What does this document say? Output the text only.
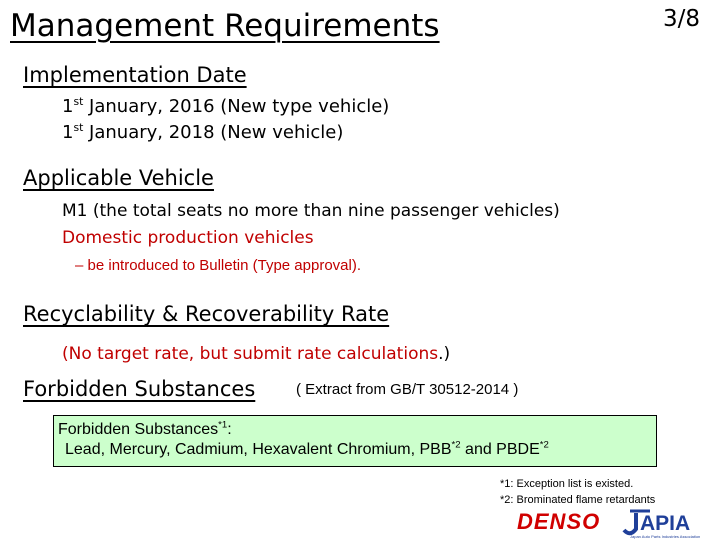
Management Requirements	3/8
Implementation Date
1st January, 2016 (New type vehicle)
1st January, 2018 (New vehicle)
Applicable Vehicle
M1 (the total seats no more than nine passenger vehicles)
Domestic production vehicles
– be introduced to Bulletin (Type approval).
Recyclability & Recoverability Rate
(No target rate, but submit rate calculations.)
Forbidden Substances	( Extract from GB/T 30512-2014 )
Forbidden Substances$^{*1}$:
Lead, Mercury, Cadmium, Hexavalent Chromium, PBB$^{*2}$ and PBDE$^{*2}$
*1: Exception list is existed.
*2: Brominated flame retardants
DENSO APIA
Japan Auto Parts Industries Association
